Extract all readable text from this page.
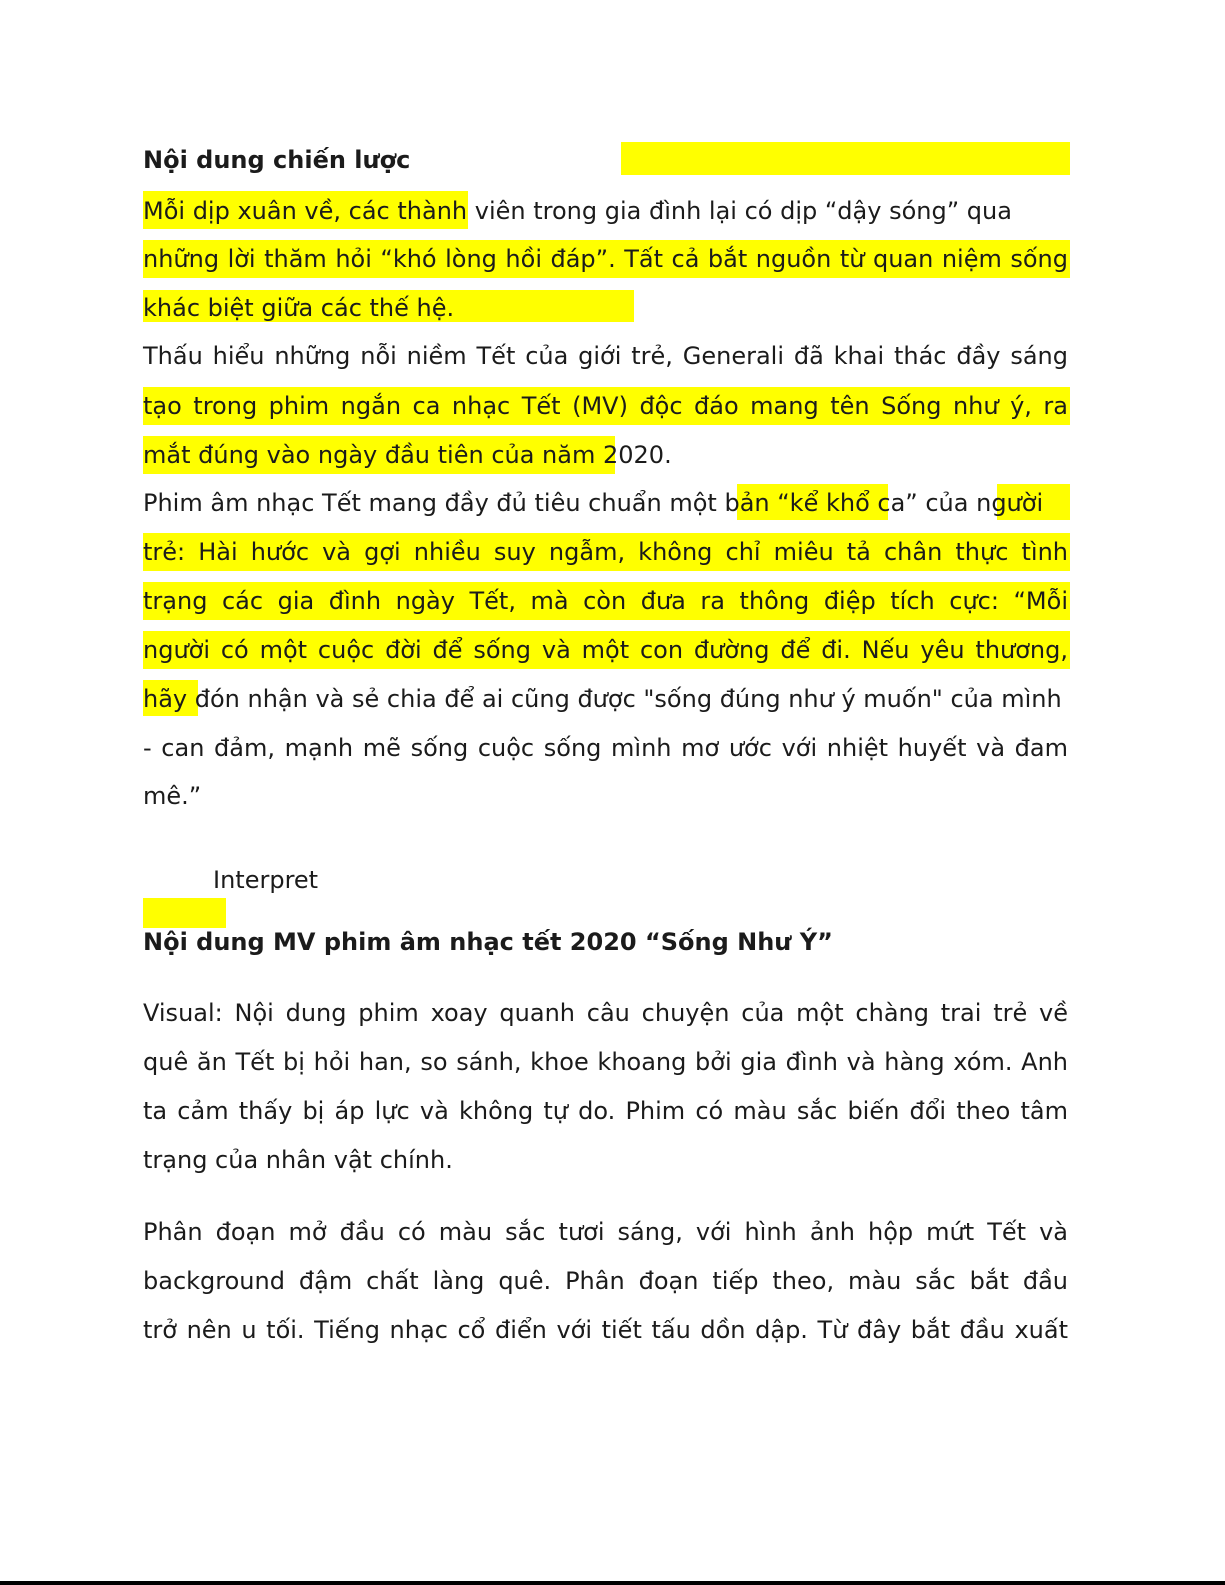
Nội dung chiến lược
Mỗi dịp xuân về, các thành viên trong gia đình lại có dịp “dậy sóng” qua
những lời thăm hỏi “khó lòng hồi đáp”. Tất cả bắt nguồn từ quan niệm sống
khác biệt giữa các thế hệ.
Thấu hiểu những nỗi niềm Tết của giới trẻ, Generali đã khai thác đầy sáng
tạo trong phim ngắn ca nhạc Tết (MV) độc đáo mang tên Sống như ý, ra
mắt đúng vào ngày đầu tiên của năm 2020.
Phim âm nhạc Tết mang đầy đủ tiêu chuẩn một bản “kể khổ ca” của người
trẻ: Hài hước và gợi nhiều suy ngẫm, không chỉ miêu tả chân thực tình
trạng các gia đình ngày Tết, mà còn đưa ra thông điệp tích cực: “Mỗi
người có một cuộc đời để sống và một con đường để đi. Nếu yêu thương,
hãy đón nhận và sẻ chia để ai cũng được "sống đúng như ý muốn" của mình
- can đảm, mạnh mẽ sống cuộc sống mình mơ ước với nhiệt huyết và đam
mê.”
Interpret
Nội dung MV phim âm nhạc tết 2020 “Sống Như Ý”
Visual: Nội dung phim xoay quanh câu chuyện của một chàng trai trẻ về
quê ăn Tết bị hỏi han, so sánh, khoe khoang bởi gia đình và hàng xóm. Anh
ta cảm thấy bị áp lực và không tự do. Phim có màu sắc biến đổi theo tâm
trạng của nhân vật chính.
Phân đoạn mở đầu có màu sắc tươi sáng, với hình ảnh hộp mứt Tết và
background đậm chất làng quê. Phân đoạn tiếp theo, màu sắc bắt đầu
trở nên u tối. Tiếng nhạc cổ điển với tiết tấu dồn dập. Từ đây bắt đầu xuất
